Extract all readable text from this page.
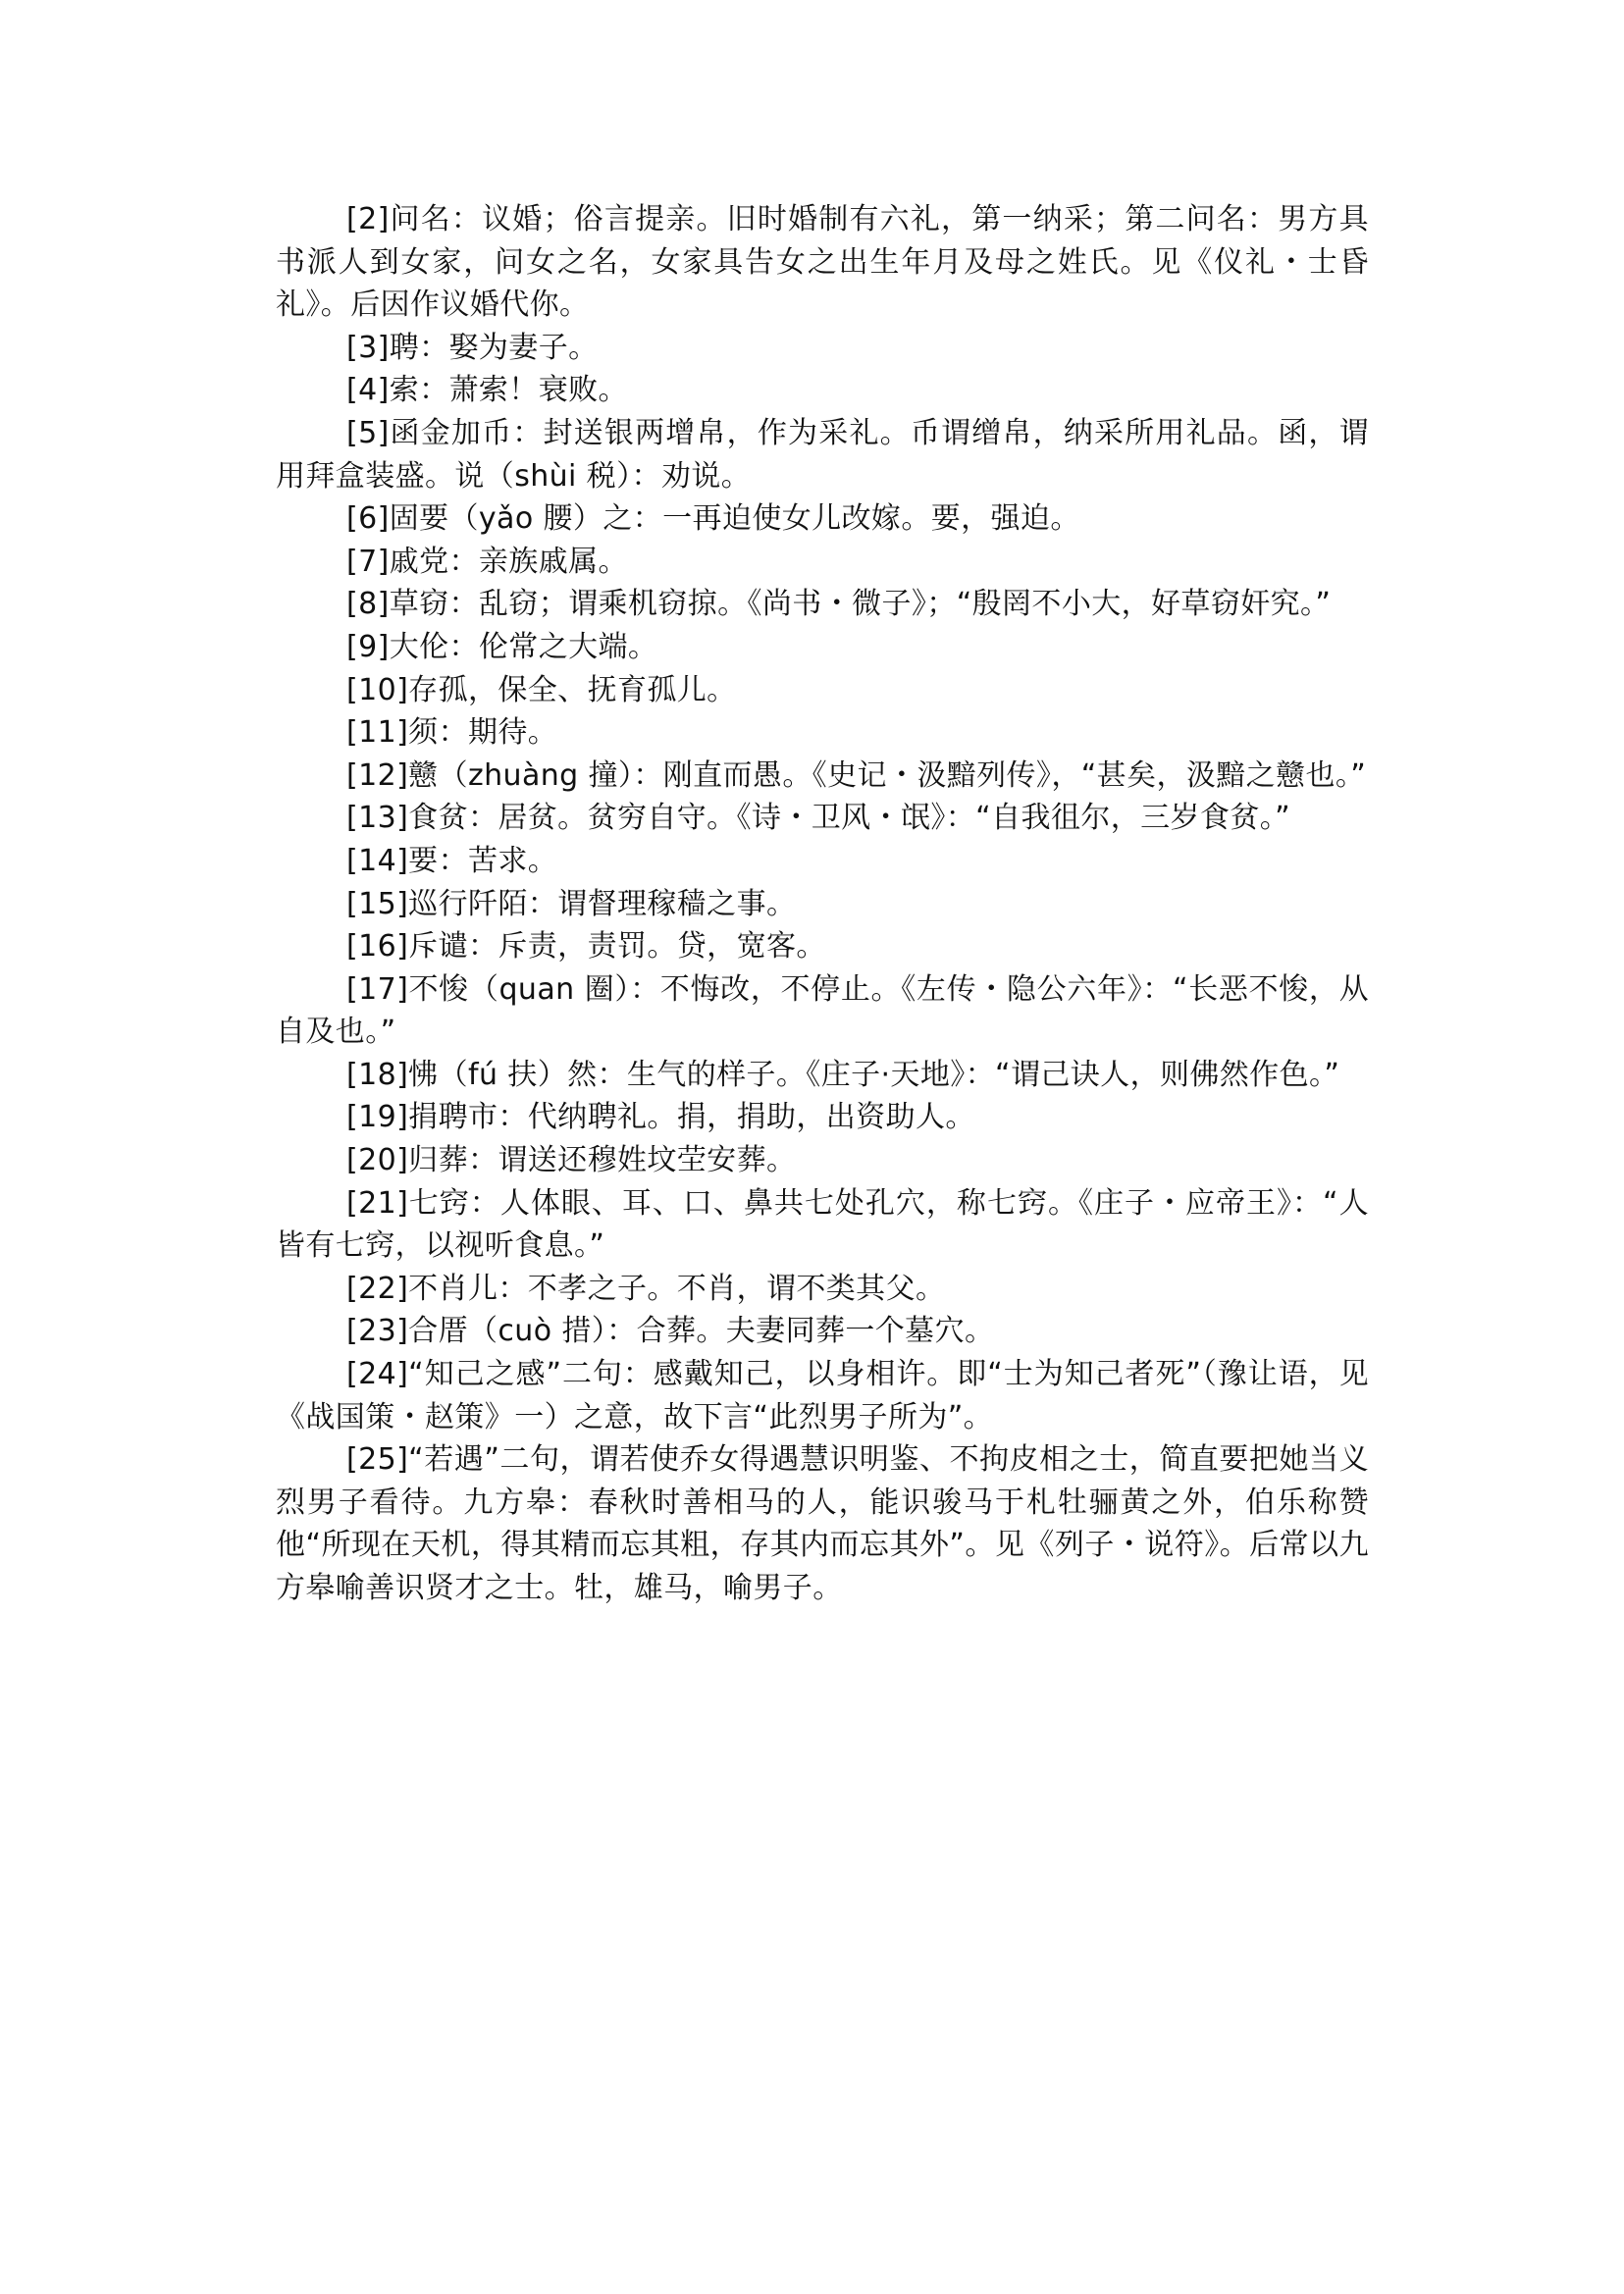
[2]问名：议婚；俗言提亲。旧时婚制有六礼，第一纳采；第二问名：男方具书派人到女家，问女之名，女家具告女之出生年月及母之姓氏。见《仪礼・士昏礼》。后因作议婚代你。

[3]聘：娶为妻子。

[4]索：萧索！衰败。

[5]函金加币：封送银两增帛，作为采礼。币谓缯帛，纳采所用礼品。函，谓用拜盒装盛。说（shùi 税）：劝说。

[6]固要（yǎo 腰）之：一再迫使女儿改嫁。要，强迫。

[7]戚党：亲族戚属。

[8]草窃：乱窃；谓乘机窃掠。《尚书・微子》；“殷罔不小大，好草窃奸究。”

[9]大伦：伦常之大端。

[10]存孤，保全、抚育孤儿。

[11]须：期待。

[12]戆（zhuàng 撞）：刚直而愚。《史记・汲黯列传》，“甚矣，汲黯之戆也。”

[13]食贫：居贫。贫穷自守。《诗・卫风・氓》：“自我徂尔，三岁食贫。”

[14]要：苦求。

[15]巡行阡陌：谓督理稼穑之事。

[16]斥谴：斥责，责罚。贷，宽客。

[17]不悛（quan 圈）：不悔改，不停止。《左传・隐公六年》：“长恶不悛，从自及也。”

[18]怫（fú 扶）然：生气的样子。《庄子·天地》：“谓己诀人，则佛然作色。”

[19]捐聘市：代纳聘礼。捐，捐助，出资助人。

[20]归葬：谓送还穆姓坟茔安葬。

[21]七窍：人体眼、耳、口、鼻共七处孔穴，称七窍。《庄子・应帝王》：“人皆有七窍，以视听食息。”

[22]不肖儿：不孝之子。不肖，谓不类其父。

[23]合厝（cuò 措）：合葬。夫妻同葬一个墓穴。

[24]“知己之感”二句：感戴知己，以身相许。即“士为知己者死”（豫让语，见《战国策・赵策》一）之意，故下言“此烈男子所为”。

[25]“若遇”二句，谓若使乔女得遇慧识明鉴、不拘皮相之士，简直要把她当义烈男子看待。九方皋：春秋时善相马的人，能识骏马于札牡骊黄之外，伯乐称赞他“所现在天机，得其精而忘其粗，存其内而忘其外”。见《列子・说符》。后常以九方皋喻善识贤才之士。牡，雄马，喻男子。
